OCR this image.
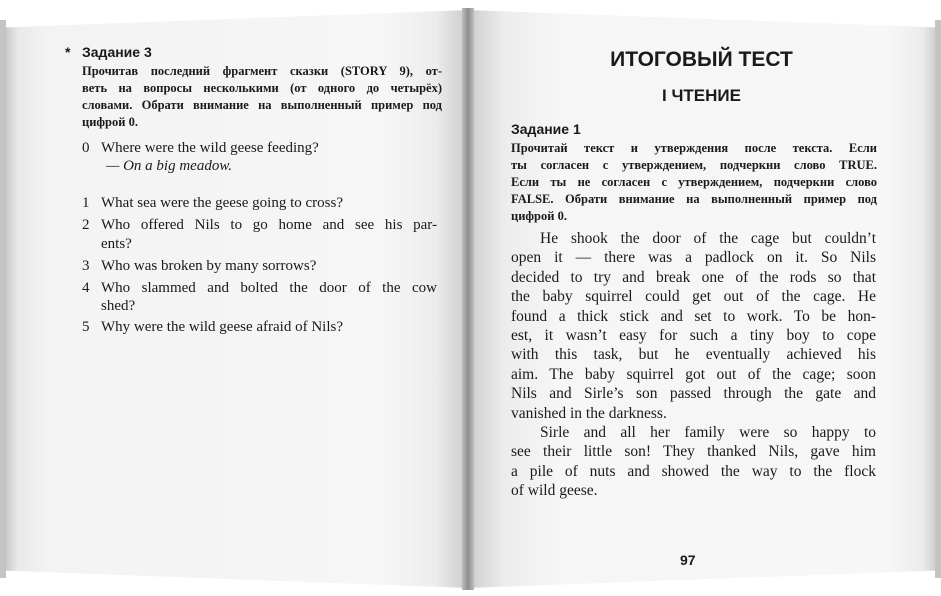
* Задание 3
Прочитав последний фрагмент сказки (STORY 9), от-
веть на вопросы несколькими (от одного до четырёх)
словами. Обрати внимание на выполненный пример под
цифрой 0.
0 Where were the wild geese feeding?
— On a big meadow.
1 What sea were the geese going to cross?
2 Who offered Nils to go home and see his par-
ents?
3 Who was broken by many sorrows?
4 Who slammed and bolted the door of the cow
shed?
5 Why were the wild geese afraid of Nils?
ИТОГОВЫЙ ТЕСТ
I ЧТЕНИЕ
Задание 1
Прочитай текст и утверждения после текста. Если
ты согласен с утверждением, подчеркни слово TRUE.
Если ты не согласен с утверждением, подчеркни слово
FALSE. Обрати внимание на выполненный пример под
цифрой 0.
He shook the door of the cage but couldn’t
open it — there was a padlock on it. So Nils
decided to try and break one of the rods so that
the baby squirrel could get out of the cage. He
found a thick stick and set to work. To be hon-
est, it wasn’t easy for such a tiny boy to cope
with this task, but he eventually achieved his
aim. The baby squirrel got out of the cage; soon
Nils and Sirle’s son passed through the gate and
vanished in the darkness.
Sirle and all her family were so happy to
see their little son! They thanked Nils, gave him
a pile of nuts and showed the way to the flock
of wild geese.
97
